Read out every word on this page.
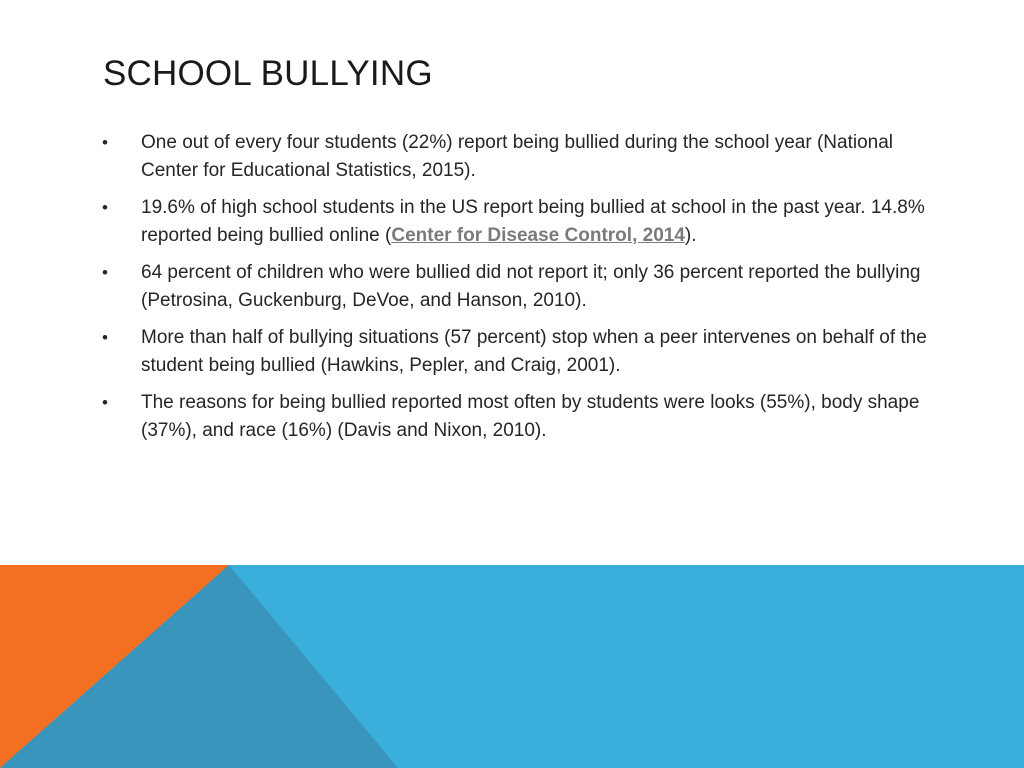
SCHOOL BULLYING
• One out of every four students (22%) report being bullied during the school year (National Center for Educational Statistics, 2015).
• 19.6% of high school students in the US report being bullied at school in the past year. 14.8% reported being bullied online (Center for Disease Control, 2014).
• 64 percent of children who were bullied did not report it; only 36 percent reported the bullying (Petrosina, Guckenburg, DeVoe, and Hanson, 2010).
• More than half of bullying situations (57 percent) stop when a peer intervenes on behalf of the student being bullied (Hawkins, Pepler, and Craig, 2001).
• The reasons for being bullied reported most often by students were looks (55%), body shape (37%), and race (16%) (Davis and Nixon, 2010).
